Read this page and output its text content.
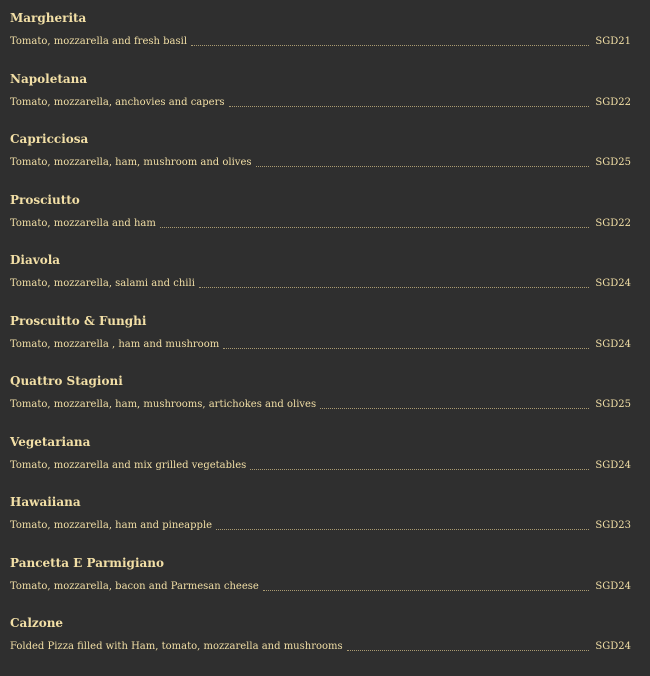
Margherita
Tomato, mozzarella and fresh basil	SGD21
Napoletana
Tomato, mozzarella, anchovies and capers	SGD22
Capricciosa
Tomato, mozzarella, ham, mushroom and olives	SGD25
Prosciutto
Tomato, mozzarella and ham	SGD22
Diavola
Tomato, mozzarella, salami and chili	SGD24
Proscuitto & Funghi
Tomato, mozzarella , ham and mushroom	SGD24
Quattro Stagioni
Tomato, mozzarella, ham, mushrooms, artichokes and olives	SGD25
Vegetariana
Tomato, mozzarella and mix grilled vegetables	SGD24
Hawaiiana
Tomato, mozzarella, ham and pineapple	SGD23
Pancetta E Parmigiano
Tomato, mozzarella, bacon and Parmesan cheese	SGD24
Calzone
Folded Pizza filled with Ham, tomato, mozzarella and mushrooms	SGD24
